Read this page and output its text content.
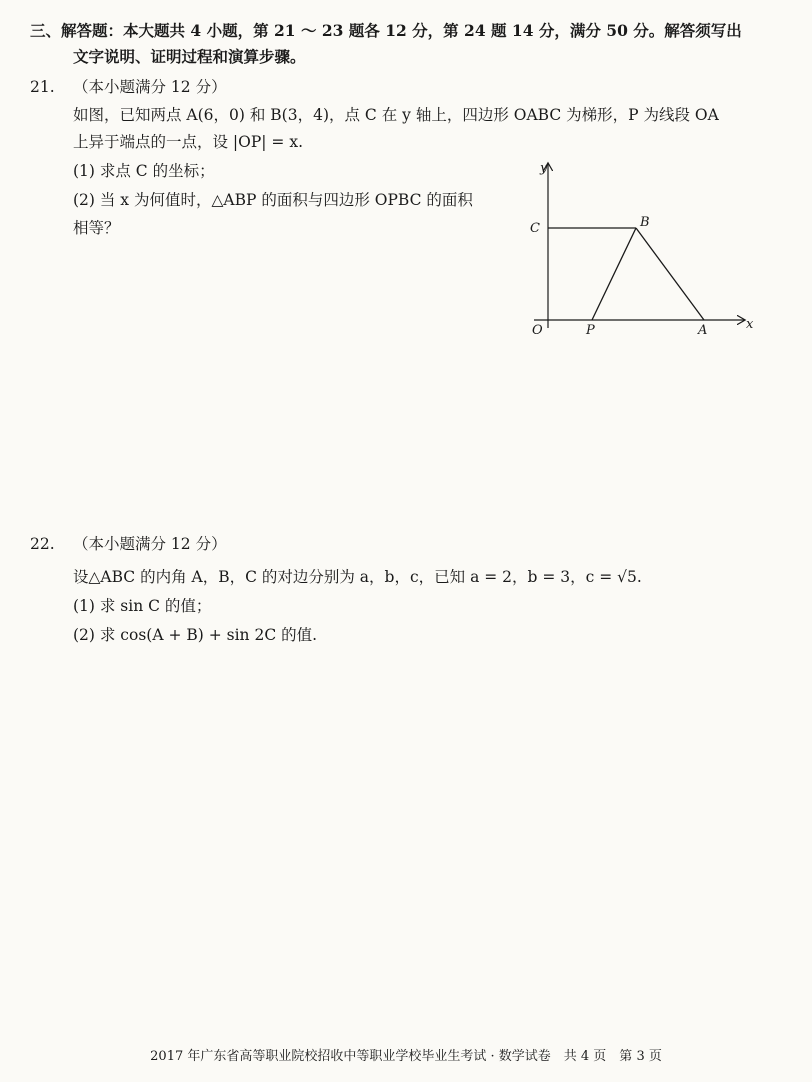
三、解答题：本大题共 4 小题，第 21 ～ 23 题各 12 分，第 24 题 14 分，满分 50 分。解答须写出
文字说明、证明过程和演算步骤。
21. （本小题满分 12 分）
如图，已知两点 A(6，0) 和 B(3，4)，点 C 在 y 轴上，四边形 OABC 为梯形，P 为线段 OA
上异于端点的一点，设 |OP| = x.
(1) 求点 C 的坐标；
(2) 当 x 为何值时，△ABP 的面积与四边形 OPBC 的面积
相等？
y
x
C	B
O	P	A
22. （本小题满分 12 分）
设△ABC 的内角 A，B，C 的对边分别为 a，b，c，已知 a = 2，b = 3，c = √5.
(1) 求 sin C 的值；
(2) 求 cos(A + B) + sin 2C 的值.
2017 年广东省高等职业院校招收中等职业学校毕业生考试 · 数学试卷　共 4 页　第 3 页
